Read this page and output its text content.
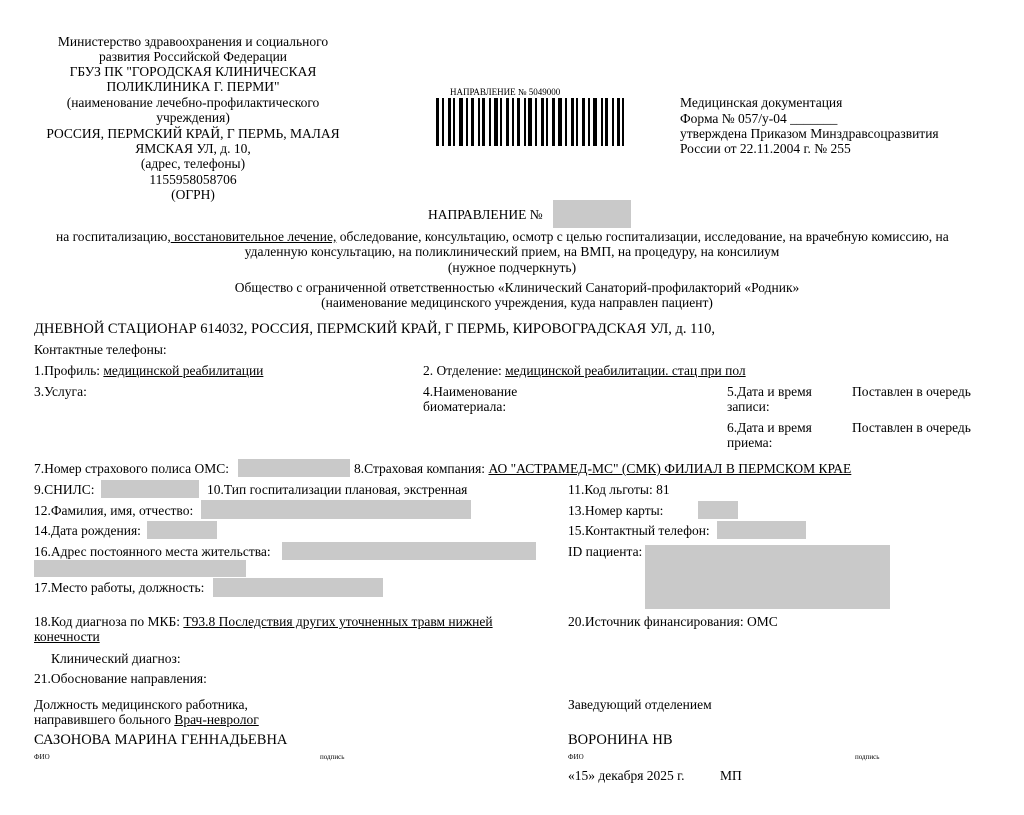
Министерство здравоохранения и социального
развития Российской Федерации
ГБУЗ ПК "ГОРОДСКАЯ КЛИНИЧЕСКАЯ
ПОЛИКЛИНИКА Г. ПЕРМИ"
(наименование лечебно-профилактического
учреждения)
РОССИЯ, ПЕРМСКИЙ КРАЙ, Г ПЕРМЬ, МАЛАЯ
ЯМСКАЯ УЛ, д. 10,
(адрес, телефоны)
1155958058706
(ОГРН)
НАПРАВЛЕНИЕ № 5049000
Медицинская документация
Форма № 057/у-04 _______
утверждена Приказом Минздравсоцразвития
России от 22.11.2004 г. № 255
НАПРАВЛЕНИЕ №
на госпитализацию, восстановительное лечение, обследование, консультацию, осмотр с целью госпитализации, исследование, на врачебную комиссию, на
удаленную консультацию, на поликлинический прием, на ВМП, на процедуру, на консилиум
(нужное подчеркнуть)
Общество с ограниченной ответственностью «Клинический Санаторий-профилакторий «Родник»
(наименование медицинского учреждения, куда направлен пациент)
ДНЕВНОЙ СТАЦИОНАР 614032, РОССИЯ, ПЕРМСКИЙ КРАЙ, Г ПЕРМЬ, КИРОВОГРАДСКАЯ УЛ, д. 110,
Контактные телефоны:
1.Профиль: медицинской реабилитации	2. Отделение: медицинской реабилитации. стац при пол
3.Услуга:	4.Наименование
биоматериала:
5.Дата и время
записи:
Поставлен в очередь
6.Дата и время
приема:
Поставлен в очередь
7.Номер страхового полиса ОМС:	8.Страховая компания: АО "АСТРАМЕД-МС" (СМК) ФИЛИАЛ В ПЕРМСКОМ КРАЕ
9.СНИЛС:	10.Тип госпитализации плановая, экстренная	11.Код льготы: 81
12.Фамилия, имя, отчество:	13.Номер карты:
14.Дата рождения:	15.Контактный телефон:
16.Адрес постоянного места жительства:	ID пациента:
17.Место работы, должность:
18.Код диагноза по МКБ: Т93.8 Последствия других уточненных травм нижней
конечности
20.Источник финансирования: ОМС
Клинический диагноз:
21.Обоснование направления:
Должность медицинского работника,
направившего больного Врач-невролог
Заведующий отделением
САЗОНОВА МАРИНА ГЕННАДЬЕВНА	ВОРОНИНА НВ
ФИО	подпись	ФИО	подпись
«15» декабря 2025 г.	МП
